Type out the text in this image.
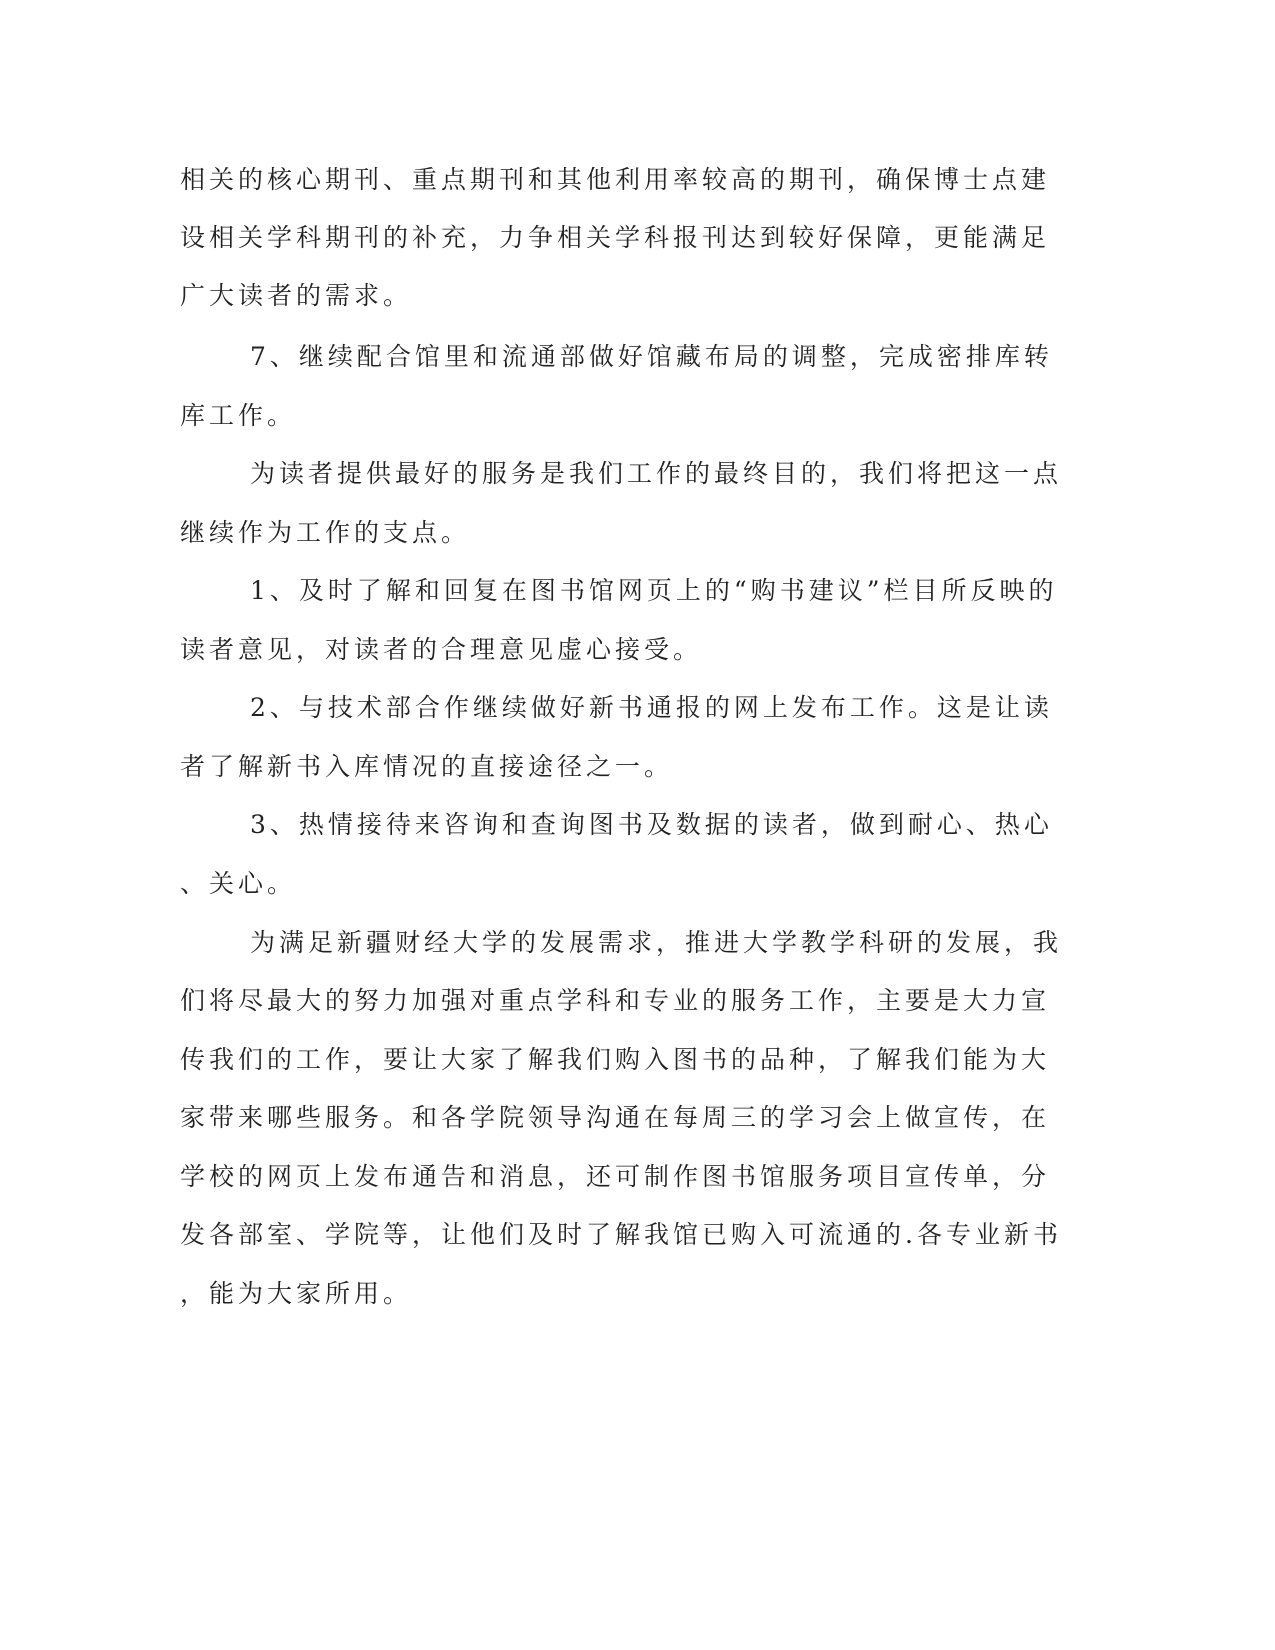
相关的核心期刊、重点期刊和其他利用率较高的期刊，确保博士点建
设相关学科期刊的补充，力争相关学科报刊达到较好保障，更能满足
广大读者的需求。
7、继续配合馆里和流通部做好馆藏布局的调整，完成密排库转
库工作。
为读者提供最好的服务是我们工作的最终目的，我们将把这一点
继续作为工作的支点。
1、及时了解和回复在图书馆网页上的“购书建议”栏目所反映的
读者意见，对读者的合理意见虚心接受。
2、与技术部合作继续做好新书通报的网上发布工作。这是让读
者了解新书入库情况的直接途径之一。
3、热情接待来咨询和查询图书及数据的读者，做到耐心、热心
、关心。
为满足新疆财经大学的发展需求，推进大学教学科研的发展，我
们将尽最大的努力加强对重点学科和专业的服务工作，主要是大力宣
传我们的工作，要让大家了解我们购入图书的品种，了解我们能为大
家带来哪些服务。和各学院领导沟通在每周三的学习会上做宣传，在
学校的网页上发布通告和消息，还可制作图书馆服务项目宣传单，分
发各部室、学院等，让他们及时了解我馆已购入可流通的.各专业新书
，能为大家所用。
